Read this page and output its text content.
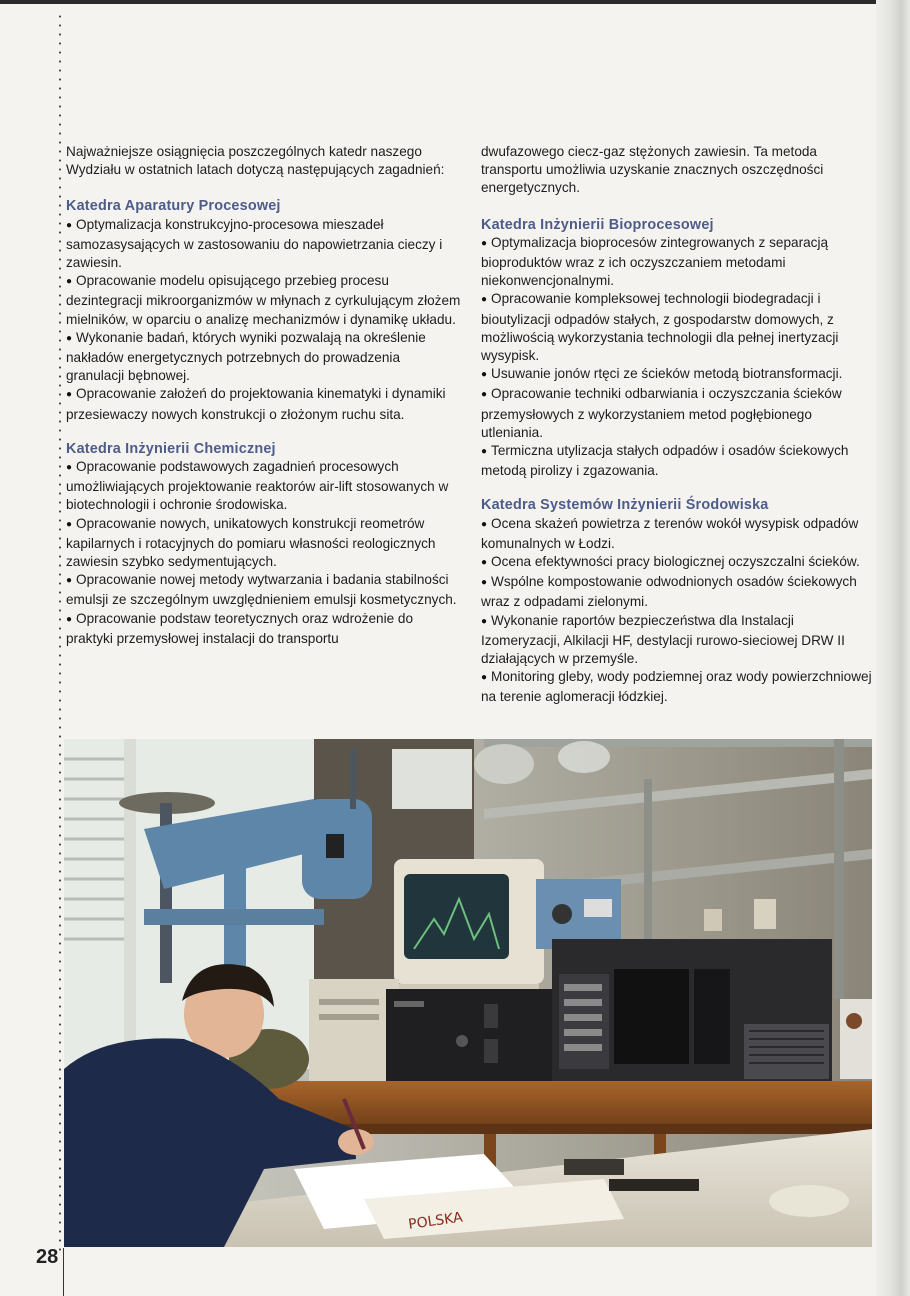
Najważniejsze osiągnięcia poszczególnych katedr naszego Wydziału w ostatnich latach dotyczą następujących zagadnień:

Katedra Aparatury Procesowej

● Optymalizacja konstrukcyjno-procesowa mieszadeł samozasysających w zastosowaniu do napowietrzania cieczy i zawiesin.

● Opracowanie modelu opisującego przebieg procesu dezintegracji mikroorganizmów w młynach z cyrkulującym złożem mielników, w oparciu o analizę mechanizmów i dynamikę układu.

● Wykonanie badań, których wyniki pozwalają na określenie nakładów energetycznych potrzebnych do prowadzenia granulacji bębnowej.

● Opracowanie założeń do projektowania kinematyki i dynamiki przesiewaczy nowych konstrukcji o złożonym ruchu sita.

Katedra Inżynierii Chemicznej

● Opracowanie podstawowych zagadnień procesowych umożliwiających projektowanie reaktorów air-lift stosowanych w biotechnologii i ochronie środowiska.

● Opracowanie nowych, unikatowych konstrukcji reometrów kapilarnych i rotacyjnych do pomiaru własności reologicznych zawiesin szybko sedymentujących.

● Opracowanie nowej metody wytwarzania i badania stabilności emulsji ze szczególnym uwzględnieniem emulsji kosmetycznych.

● Opracowanie podstaw teoretycznych oraz wdrożenie do praktyki przemysłowej instalacji do transportu

dwufazowego ciecz-gaz stężonych zawiesin. Ta metoda transportu umożliwia uzyskanie znacznych oszczędności energetycznych.

Katedra Inżynierii Bioprocesowej

● Optymalizacja bioprocesów zintegrowanych z separacją bioproduktów wraz z ich oczyszczaniem metodami niekonwencjonalnymi.

● Opracowanie kompleksowej technologii biodegradacji i bioutylizacji odpadów stałych, z gospodarstw domowych, z możliwością wykorzystania technologii dla pełnej inertyzacji wysypisk.

● Usuwanie jonów rtęci ze ścieków metodą biotransformacji.

● Opracowanie techniki odbarwiania i oczyszczania ścieków przemysłowych z wykorzystaniem metod pogłębionego utleniania.

● Termiczna utylizacja stałych odpadów i osadów ściekowych metodą pirolizy i zgazowania.

Katedra Systemów Inżynierii Środowiska

● Ocena skażeń powietrza z terenów wokół wysypisk odpadów komunalnych w Łodzi.

● Ocena efektywności pracy biologicznej oczyszczalni ścieków.

● Wspólne kompostowanie odwodnionych osadów ściekowych wraz z odpadami zielonymi.

● Wykonanie raportów bezpieczeństwa dla Instalacji Izomeryzacji, Alkilacji HF, destylacji rurowo-sieciowej DRW II działających w przemyśle.

● Monitoring gleby, wody podziemnej oraz wody powierzchniowej na terenie aglomeracji łódzkiej.

POLSKA
28
